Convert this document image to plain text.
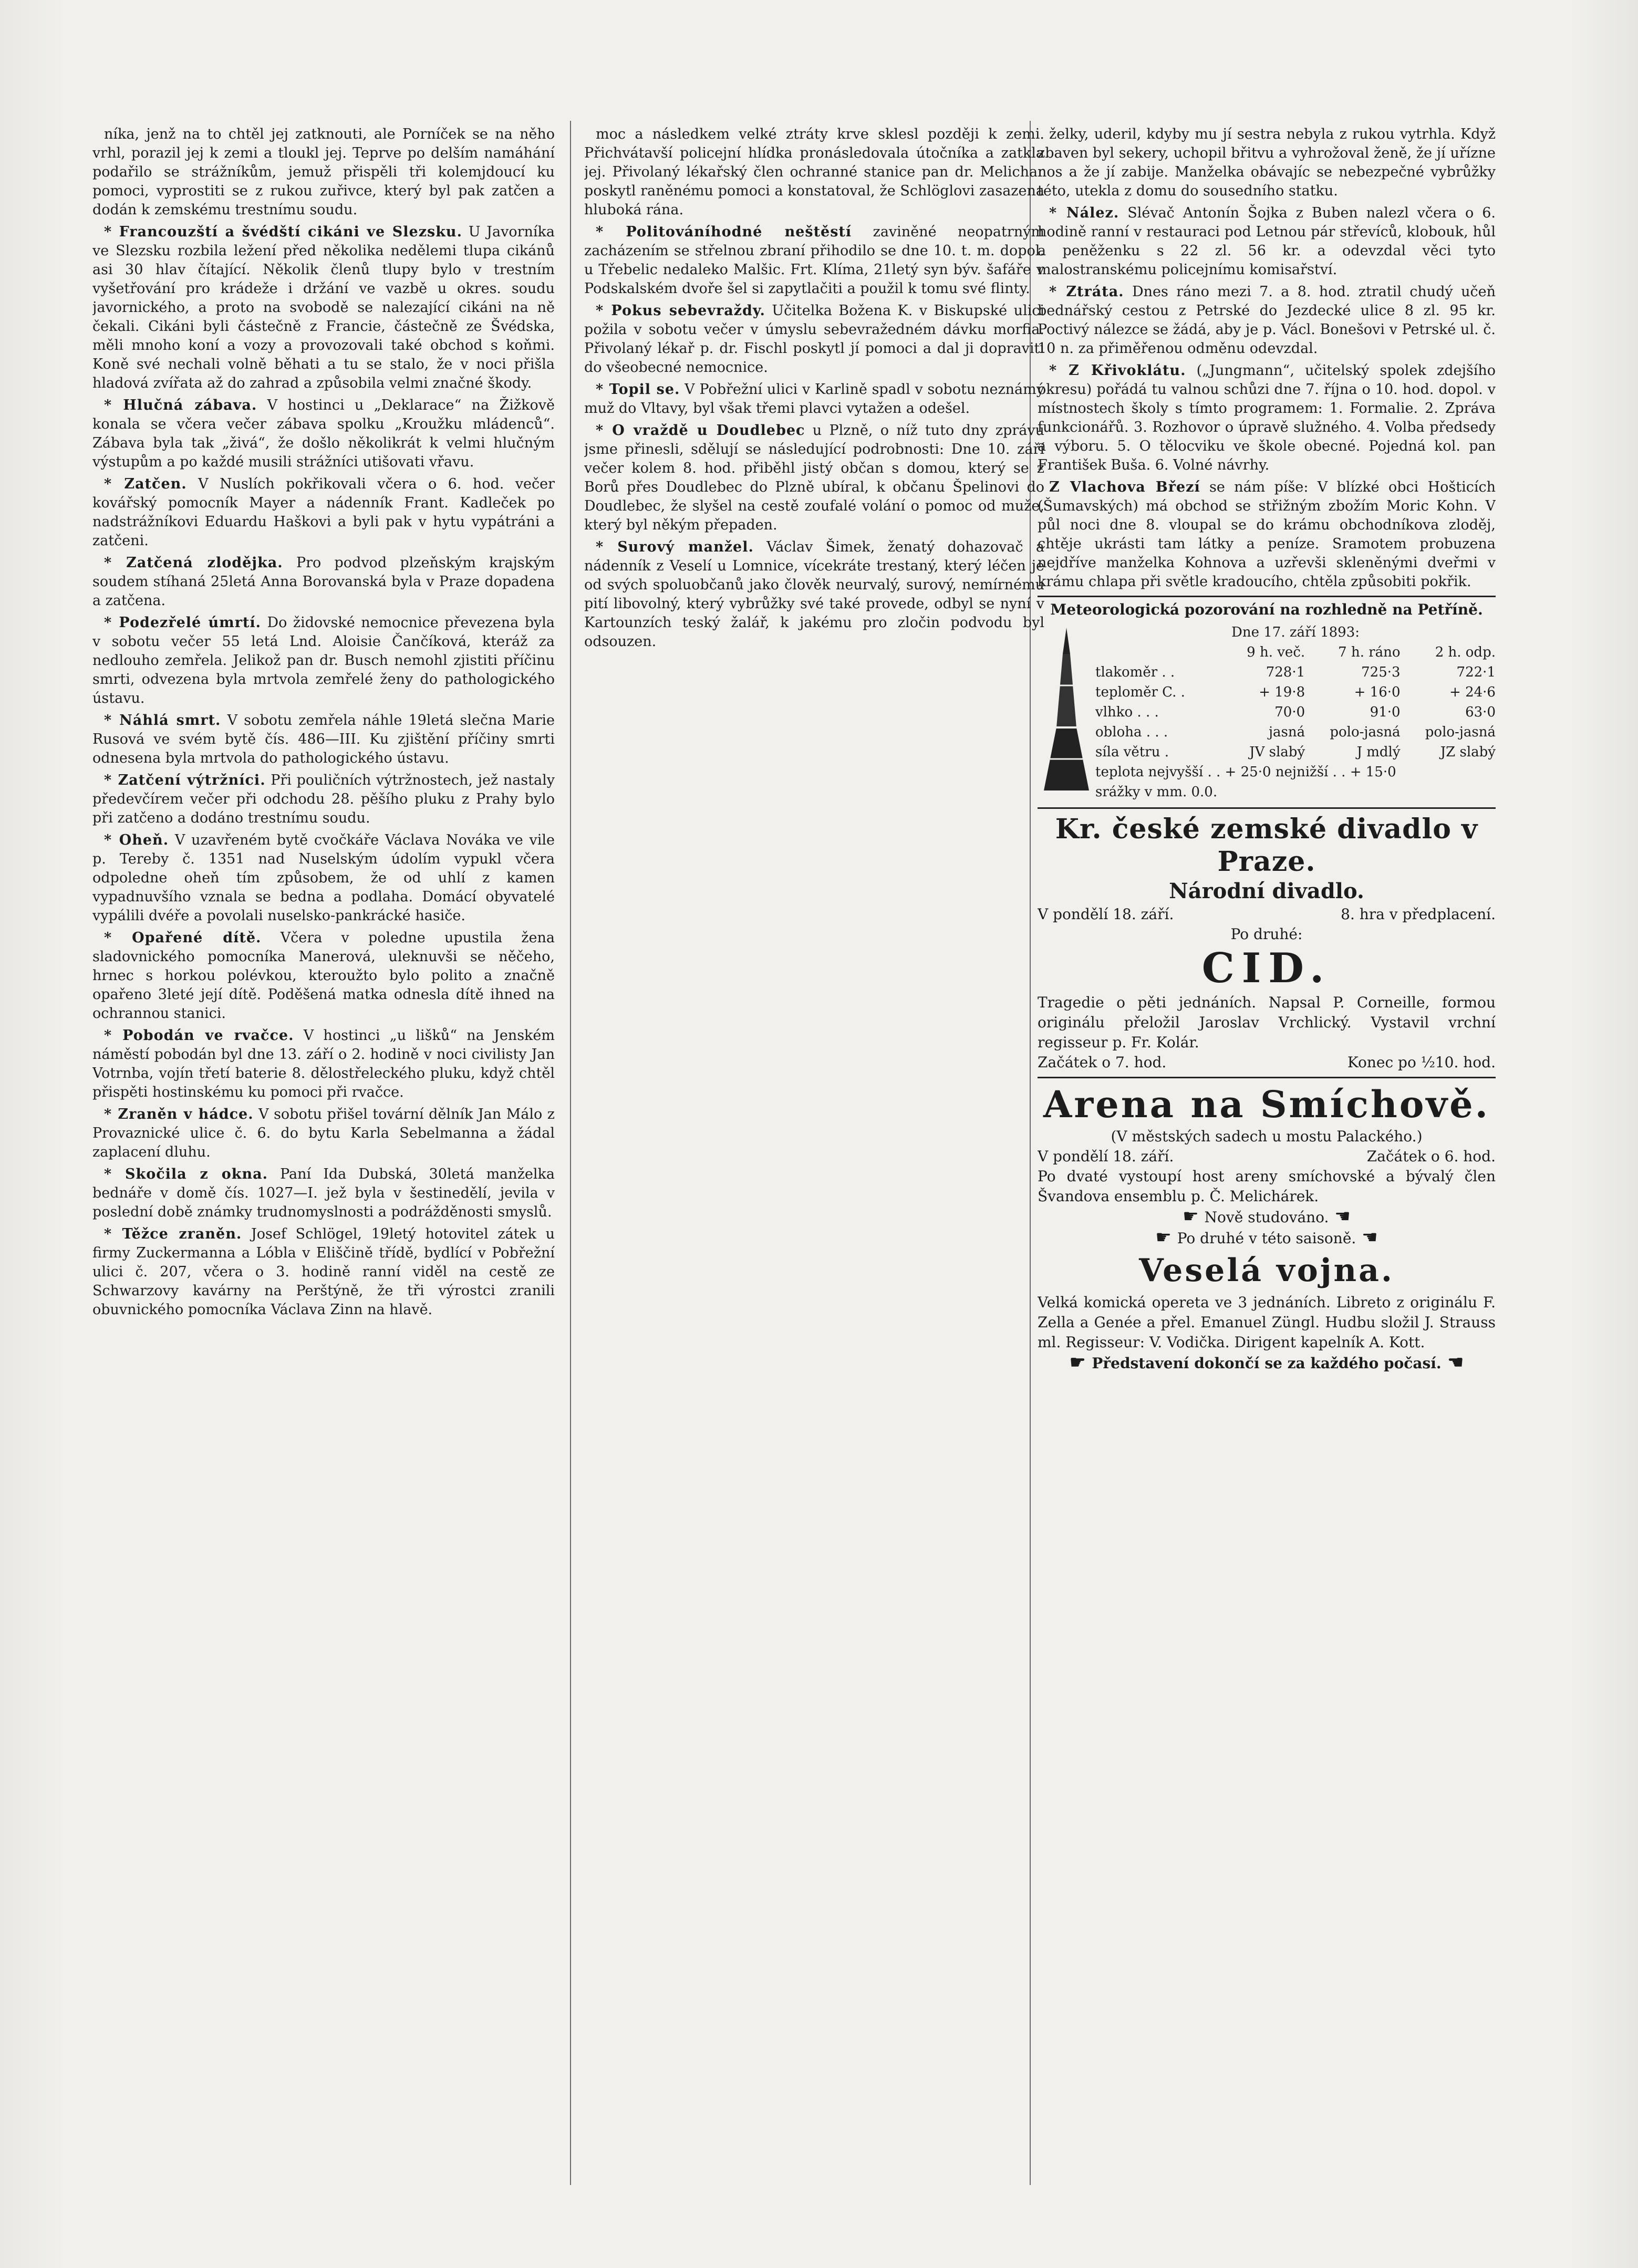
níka, jenž na to chtěl jej zatknouti, ale Porníček se na něho vrhl, porazil jej k zemi a tloukl jej. Teprve po delším namáhání podařilo se strážníkům, jemuž přispěli tři kolemjdoucí ku pomoci, vyprostiti se z rukou zuřivce, který byl pak zatčen a dodán k zemskému trestnímu soudu.

* Francouzští a švédští cikáni ve Slezsku. U Javorníka ve Slezsku rozbila ležení před několika nedělemi tlupa cikánů asi 30 hlav čítající. Několik členů tlupy bylo v trestním vyšetřování pro krádeže i držání ve vazbě u okres. soudu javornického, a proto na svobodě se nalezající cikáni na ně čekali. Cikáni byli částečně z Francie, částečně ze Švédska, měli mnoho koní a vozy a provozovali také obchod s koňmi. Koně své nechali volně běhati a tu se stalo, že v noci přišla hladová zvířata až do zahrad a způsobila velmi značné škody.

* Hlučná zábava. V hostinci u „Deklarace“ na Žižkově konala se včera večer zábava spolku „Kroužku mládenců“. Zábava byla tak „živá“, že došlo několikrát k velmi hlučným výstupům a po každé musili strážníci utišovati vřavu.

* Zatčen. V Nuslích pokřikovali včera o 6. hod. večer kovářský pomocník Mayer a nádenník Frant. Kadleček po nadstrážníkovi Eduardu Haškovi a byli pak v hytu vypátráni a zatčeni.

* Zatčená zlodějka. Pro podvod plzeňským krajským soudem stíhaná 25letá Anna Borovanská byla v Praze dopadena a zatčena.

* Podezřelé úmrtí. Do židovské nemocnice převezena byla v sobotu večer 55 letá Lnd. Aloisie Čančíková, kteráž za nedlouho zemřela. Jelikož pan dr. Busch nemohl zjistiti příčinu smrti, odvezena byla mrtvola zemřelé ženy do pathologického ústavu.

* Náhlá smrt. V sobotu zemřela náhle 19letá slečna Marie Rusová ve svém bytě čís. 486—III. Ku zjištění příčiny smrti odnesena byla mrtvola do pathologického ústavu.

* Zatčení výtržníci. Při pouličních výtržnostech, jež nastaly předevčírem večer při odchodu 28. pěšího pluku z Prahy bylo při zatčeno a dodáno trestnímu soudu.

* Oheň. V uzavřeném bytě cvočkáře Václava Nováka ve vile p. Tereby č. 1351 nad Nuselským údolím vypukl včera odpoledne oheň tím způsobem, že od uhlí z kamen vypadnuvšího vznala se bedna a podlaha. Domácí obyvatelé vypálili dvéře a povolali nuselsko-pankrácké hasiče.

* Opařené dítě. Včera v poledne upustila žena sladovnického pomocníka Manerová, uleknuvši se něčeho, hrnec s horkou polévkou, kteroužto bylo polito a značně opařeno 3leté její dítě. Poděšená matka odnesla dítě ihned na ochrannou stanici.

* Pobodán ve rvačce. V hostinci „u lišků“ na Jenském náměstí pobodán byl dne 13. září o 2. hodině v noci civilisty Jan Votrnba, vojín třetí baterie 8. dělostřeleckého pluku, když chtěl přispěti hostinskému ku pomoci při rvačce.

* Zraněn v hádce. V sobotu přišel tovární dělník Jan Málo z Provaznické ulice č. 6. do bytu Karla Sebelmanna a žádal zaplacení dluhu.

* Skočila z okna. Paní Ida Dubská, 30letá manželka bednáře v domě čís. 1027—I. jež byla v šestinedělí, jevila v poslední době známky trudnomyslnosti a podrážděnosti smyslů.

* Těžce zraněn. Josef Schlögel, 19letý hotovitel zátek u firmy Zuckermanna a Lóbla v Eliščině třídě, bydlící v Pobřežní ulici č. 207, včera o 3. hodině ranní viděl na cestě ze Schwarzovy kavárny na Perštýně, že tři výrostci zranili obuvnického pomocníka Václava Zinn na hlavě.

moc a následkem velké ztráty krve sklesl později k zemi. Přichvátavší policejní hlídka pronásledovala útočníka a zatkla jej. Přivolaný lékařský člen ochranné stanice pan dr. Melichar poskytl raněnému pomoci a konstatoval, že Schlöglovi zasazena hluboká rána.

* Politováníhodné neštěstí zaviněné neopatrným zacházením se střelnou zbraní přihodilo se dne 10. t. m. dopol. u Třebelic nedaleko Malšic. Frt. Klíma, 21letý syn býv. šafáře v Podskalském dvoře šel si zapytlačiti a použil k tomu své flinty.

* Pokus sebevraždy. Učitelka Božena K. v Biskupské ulici požila v sobotu večer v úmyslu sebevražedném dávku morfia. Přivolaný lékař p. dr. Fischl poskytl jí pomoci a dal ji dopraviti do všeobecné nemocnice.

* Topil se. V Pobřežní ulici v Karlině spadl v sobotu neznámý muž do Vltavy, byl však třemi plavci vytažen a odešel.

* O vraždě u Doudlebec u Plzně, o níž tuto dny zprávu jsme přinesli, sdělují se následující podrobnosti: Dne 10. září večer kolem 8. hod. přiběhl jistý občan s domou, který se z Borů přes Doudlebec do Plzně ubíral, k občanu Špelinovi do Doudlebec, že slyšel na cestě zoufalé volání o pomoc od muže, který byl někým přepaden.

* Surový manžel. Václav Šimek, ženatý dohazovač a nádenník z Veselí u Lomnice, vícekráte trestaný, který léčen je od svých spoluobčanů jako člověk neurvalý, surový, nemírnému pití libovolný, který vybrůžky své také provede, odbyl se nyní v Kartounzích teský žalář, k jakému pro zločin podvodu byl odsouzen.

želky, uderil, kdyby mu jí sestra nebyla z rukou vytrhla. Když zbaven byl sekery, uchopil břitvu a vyhrožoval ženě, že jí uřízne nos a že jí zabije. Manželka obávajíc se nebezpečné vybrůžky této, utekla z domu do sousedního statku.

* Nález. Slévač Antonín Šojka z Buben nalezl včera o 6. hodině ranní v restauraci pod Letnou pár střevíců, klobouk, hůl a peněženku s 22 zl. 56 kr. a odevzdal věci tyto malostranskému policejnímu komisařství.

* Ztráta. Dnes ráno mezi 7. a 8. hod. ztratil chudý učeň bednářský cestou z Petrské do Jezdecké ulice 8 zl. 95 kr. Poctivý nálezce se žádá, aby je p. Václ. Bonešovi v Petrské ul. č. 10 n. za přiměřenou odměnu odevzdal.

* Z Křivoklátu. („Jungmann“, učitelský spolek zdejšího okresu) pořádá tu valnou schůzi dne 7. října o 10. hod. dopol. v místnostech školy s tímto programem: 1. Formalie. 2. Zpráva funkcionářů. 3. Rozhovor o úpravě služného. 4. Volba předsedy a výboru. 5. O tělocviku ve škole obecné. Pojedná kol. pan František Buša. 6. Volné návrhy.

Z Vlachova Březí se nám píše: V blízké obci Hošticích (Šumavských) má obchod se střižným zbožím Moric Kohn. V půl noci dne 8. vloupal se do krámu obchodníkova zloděj, chtěje ukrásti tam látky a peníze. Sramotem probuzena nejdříve manželka Kohnova a uzřevši skleněnými dveřmi v krámu chlapa při světle kradoucího, chtěla způsobiti pokřik.

Meteorologická pozorování na rozhledně na Petříně.
Dne 17. září 1893:
9 h. več.	7 h. ráno	2 h. odp.
tlakoměr . .	728·1	725·3	722·1
teploměr C. .	+ 19·8	+ 16·0	+ 24·6
vlhko . . .	70·0	91·0	63·0
obloha . . .	jasná	polo-jasná	polo-jasná
síla větru .	JV slabý	J mdlý	JZ slabý
teplota nejvyšší . . + 25·0 nejnižší . . + 15·0
srážky v mm. 0.0.
Kr. české zemské divadlo v Praze.
Národní divadlo.
V pondělí 18. září.	8. hra v předplacení.
Po druhé:
CID.
Tragedie o pěti jednáních. Napsal P. Corneille, formou originálu přeložil Jaroslav Vrchlický. Vystavil vrchní regisseur p. Fr. Kolár.
Začátek o 7. hod.	Konec po ½10. hod.
Arena na Smíchově.
(V městských sadech u mostu Palackého.)
V pondělí 18. září.	Začátek o 6. hod.
Po dvaté vystoupí host areny smíchovské a bývalý člen Švandova ensemblu p. Č. Melichárek.
☛ Nově studováno. ☚
☛ Po druhé v této saisoně. ☚
Veselá vojna.
Velká komická opereta ve 3 jednáních. Libreto z originálu F. Zella a Genée a přel. Emanuel Züngl. Hudbu složil J. Strauss ml. Regisseur: V. Vodička. Dirigent kapelník A. Kott.
☛ Představení dokončí se za každého počasí. ☚
